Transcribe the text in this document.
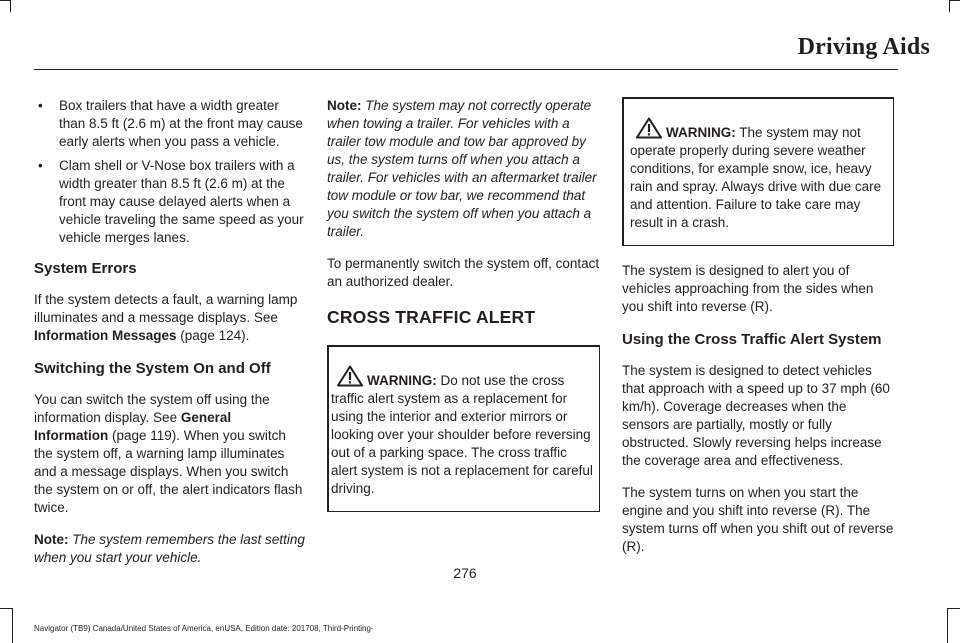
Driving Aids
• Box trailers that have a width greater than 8.5 ft (2.6 m) at the front may cause early alerts when you pass a vehicle.
• Clam shell or V-Nose box trailers with a width greater than 8.5 ft (2.6 m) at the front may cause delayed alerts when a vehicle traveling the same speed as your vehicle merges lanes.
System Errors

If the system detects a fault, a warning lamp illuminates and a message displays. See Information Messages (page 124).

Switching the System On and Off

You can switch the system off using the information display. See General Information (page 119). When you switch the system off, a warning lamp illuminates and a message displays. When you switch the system on or off, the alert indicators flash twice.

Note: The system remembers the last setting when you start your vehicle.

Note: The system may not correctly operate when towing a trailer. For vehicles with a trailer tow module and tow bar approved by us, the system turns off when you attach a trailer. For vehicles with an aftermarket trailer tow module or tow bar, we recommend that you switch the system off when you attach a trailer.

To permanently switch the system off, contact an authorized dealer.

CROSS TRAFFIC ALERT
WARNING: Do not use the cross traffic alert system as a replacement for using the interior and exterior mirrors or looking over your shoulder before reversing out of a parking space. The cross traffic alert system is not a replacement for careful driving.
WARNING: The system may not operate properly during severe weather conditions, for example snow, ice, heavy rain and spray. Always drive with due care and attention. Failure to take care may result in a crash.

The system is designed to alert you of vehicles approaching from the sides when you shift into reverse (R).

Using the Cross Traffic Alert System

The system is designed to detect vehicles that approach with a speed up to 37 mph (60 km/h). Coverage decreases when the sensors are partially, mostly or fully obstructed. Slowly reversing helps increase the coverage area and effectiveness.

The system turns on when you start the engine and you shift into reverse (R). The system turns off when you shift out of reverse (R).

276
Navigator (TB9) Canada/United States of America, enUSA, Edition date: 201708, Third-Printing-
